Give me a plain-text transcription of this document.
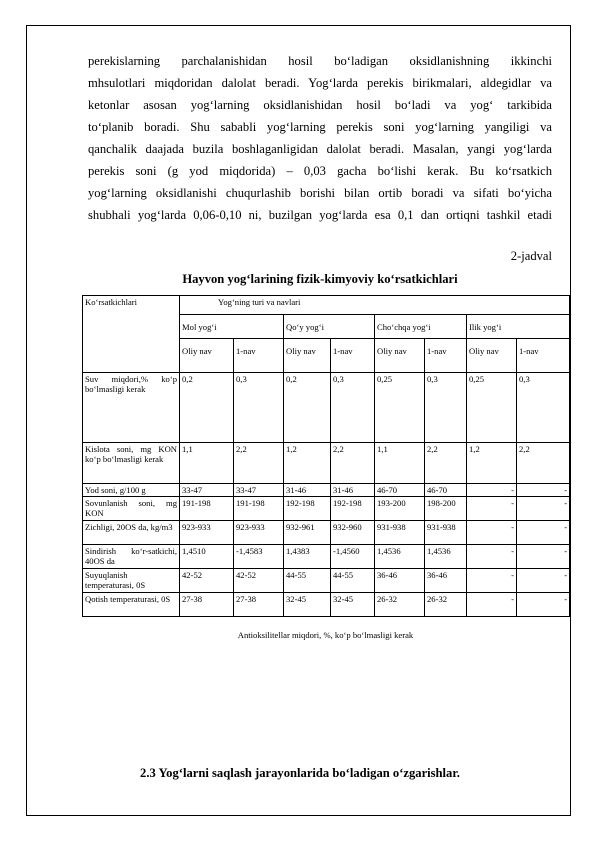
perekislarning parchalanishidan hosil boʻladigan oksidlanishning ikkinchi
mhsulotlari miqdoridan dalolat beradi. Yogʻlarda perekis birikmalari, aldegidlar va
ketonlar asosan yogʻlarning oksidlanishidan hosil boʻladi va yogʻ tarkibida
toʻplanib boradi. Shu sababli yogʻlarning perekis soni yogʻlarning yangiligi va
qanchalik daajada buzila boshlaganligidan dalolat beradi. Masalan, yangi yogʻlarda
perekis soni (g yod miqdorida) – 0,03 gacha boʻlishi kerak. Bu koʻrsatkich
yogʻlarning oksidlanishi chuqurlashib borishi bilan ortib boradi va sifati boʻyicha
shubhali yogʻlarda 0,06-0,10 ni, buzilgan yogʻlarda esa 0,1 dan ortiqni tashkil etadi
2-jadval
Hayvon yog‘larining fizik-kimyoviy ko‘rsatkichlari
Koʻrsatkichlari	Yogʻning turi va navlari							
	Mol yogʻi		Qoʻy yogʻi		Choʻchqa yogʻi		Ilik yogʻi	
	Oliy nav	1-nav	Oliy nav	1-nav	Oliy nav	1-nav	Oliy nav	1-nav
Suv miqdori,% koʻp boʻlmasligi kerak	0,2	0,3	0,2	0,3	0,25	0,3	0,25	0,3
Kislota soni, mg KON koʻp boʻlmasligi kerak	1,1	2,2	1,2	2,2	1,1	2,2	1,2	2,2
Yod soni, g/100 g	33-47	33-47	31-46	31-46	46-70	46-70	-	-
Sovunlanish soni, mg KON	191-198	191-198	192-198	192-198	193-200	198-200	-	-
Zichligi, 20OS da, kg/m3	923-933	923-933	932-961	932-960	931-938	931-938	-	-
Sindirish koʻr-satkichi, 40OS da	1,4510	-1,4583	1,4383	-1,4560	1,4536	1,4536	-	-
Suyuqlanish temperaturasi, 0S	42-52	42-52	44-55	44-55	36-46	36-46	-	-
Qotish temperaturasi, 0S	27-38	27-38	32-45	32-45	26-32	26-32	-	-
Antioksilitellar miqdori, %, koʻp boʻlmasligi kerak
2.3 Yogʻlarni saqlash jarayonlarida boʻladigan oʻzgarishlar.
